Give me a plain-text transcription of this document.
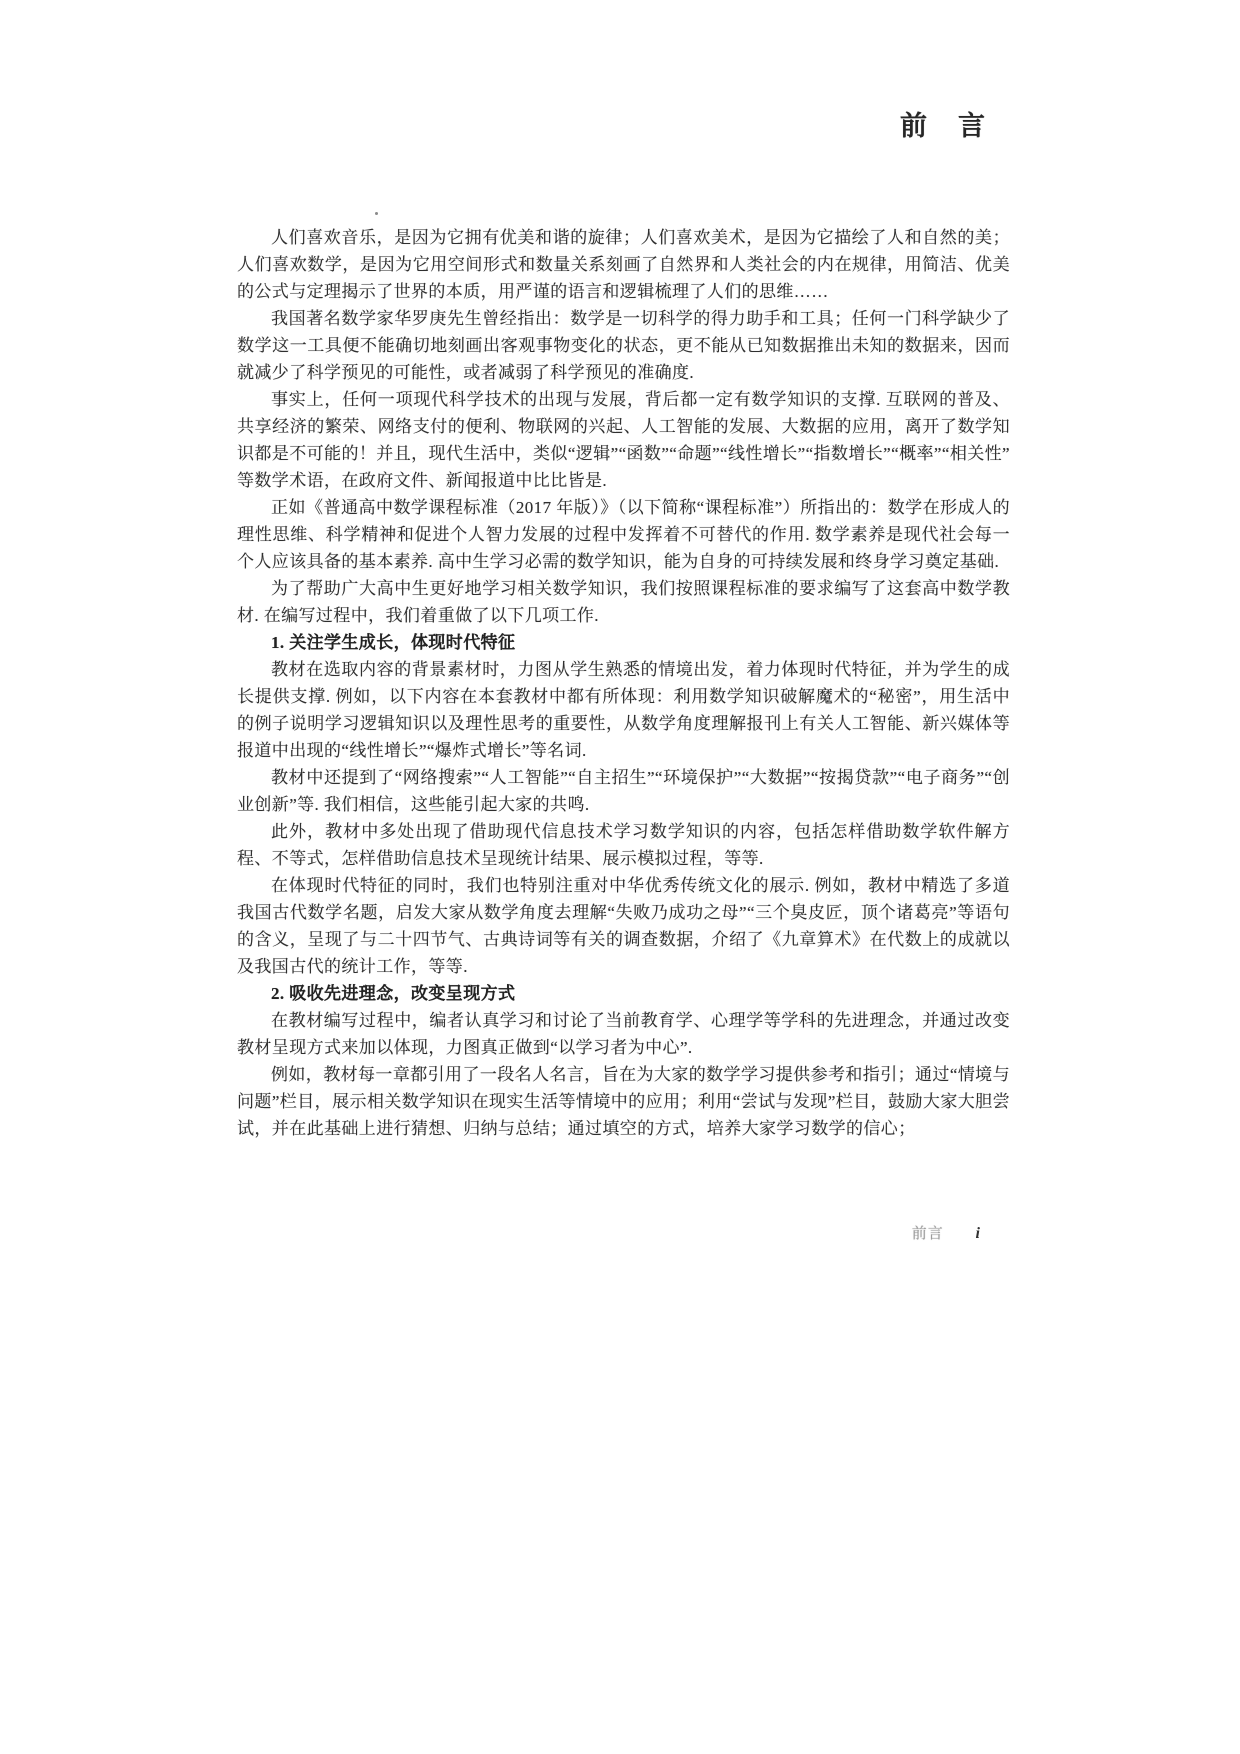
前　言

人们喜欢音乐，是因为它拥有优美和谐的旋律；人们喜欢美术，是因为它描绘了人和自然的美；人们喜欢数学，是因为它用空间形式和数量关系刻画了自然界和人类社会的内在规律，用简洁、优美的公式与定理揭示了世界的本质，用严谨的语言和逻辑梳理了人们的思维……

我国著名数学家华罗庚先生曾经指出：数学是一切科学的得力助手和工具；任何一门科学缺少了数学这一工具便不能确切地刻画出客观事物变化的状态，更不能从已知数据推出未知的数据来，因而就减少了科学预见的可能性，或者减弱了科学预见的准确度.

事实上，任何一项现代科学技术的出现与发展，背后都一定有数学知识的支撑. 互联网的普及、共享经济的繁荣、网络支付的便利、物联网的兴起、人工智能的发展、大数据的应用，离开了数学知识都是不可能的！并且，现代生活中，类似“逻辑”“函数”“命题”“线性增长”“指数增长”“概率”“相关性”等数学术语，在政府文件、新闻报道中比比皆是.

正如《普通高中数学课程标准（2017 年版）》（以下简称“课程标准”）所指出的：数学在形成人的理性思维、科学精神和促进个人智力发展的过程中发挥着不可替代的作用. 数学素养是现代社会每一个人应该具备的基本素养. 高中生学习必需的数学知识，能为自身的可持续发展和终身学习奠定基础.

为了帮助广大高中生更好地学习相关数学知识，我们按照课程标准的要求编写了这套高中数学教材. 在编写过程中，我们着重做了以下几项工作.

1. 关注学生成长，体现时代特征

教材在选取内容的背景素材时，力图从学生熟悉的情境出发，着力体现时代特征，并为学生的成长提供支撑. 例如，以下内容在本套教材中都有所体现：利用数学知识破解魔术的“秘密”，用生活中的例子说明学习逻辑知识以及理性思考的重要性，从数学角度理解报刊上有关人工智能、新兴媒体等报道中出现的“线性增长”“爆炸式增长”等名词.

教材中还提到了“网络搜索”“人工智能”“自主招生”“环境保护”“大数据”“按揭贷款”“电子商务”“创业创新”等. 我们相信，这些能引起大家的共鸣.

此外，教材中多处出现了借助现代信息技术学习数学知识的内容，包括怎样借助数学软件解方程、不等式，怎样借助信息技术呈现统计结果、展示模拟过程，等等.

在体现时代特征的同时，我们也特别注重对中华优秀传统文化的展示. 例如，教材中精选了多道我国古代数学名题，启发大家从数学角度去理解“失败乃成功之母”“三个臭皮匠，顶个诸葛亮”等语句的含义，呈现了与二十四节气、古典诗词等有关的调查数据，介绍了《九章算术》在代数上的成就以及我国古代的统计工作，等等.

2. 吸收先进理念，改变呈现方式

在教材编写过程中，编者认真学习和讨论了当前教育学、心理学等学科的先进理念，并通过改变教材呈现方式来加以体现，力图真正做到“以学习者为中心”.

例如，教材每一章都引用了一段名人名言，旨在为大家的数学学习提供参考和指引；通过“情境与问题”栏目，展示相关数学知识在现实生活等情境中的应用；利用“尝试与发现”栏目，鼓励大家大胆尝试，并在此基础上进行猜想、归纳与总结；通过填空的方式，培养大家学习数学的信心；

前言 i
